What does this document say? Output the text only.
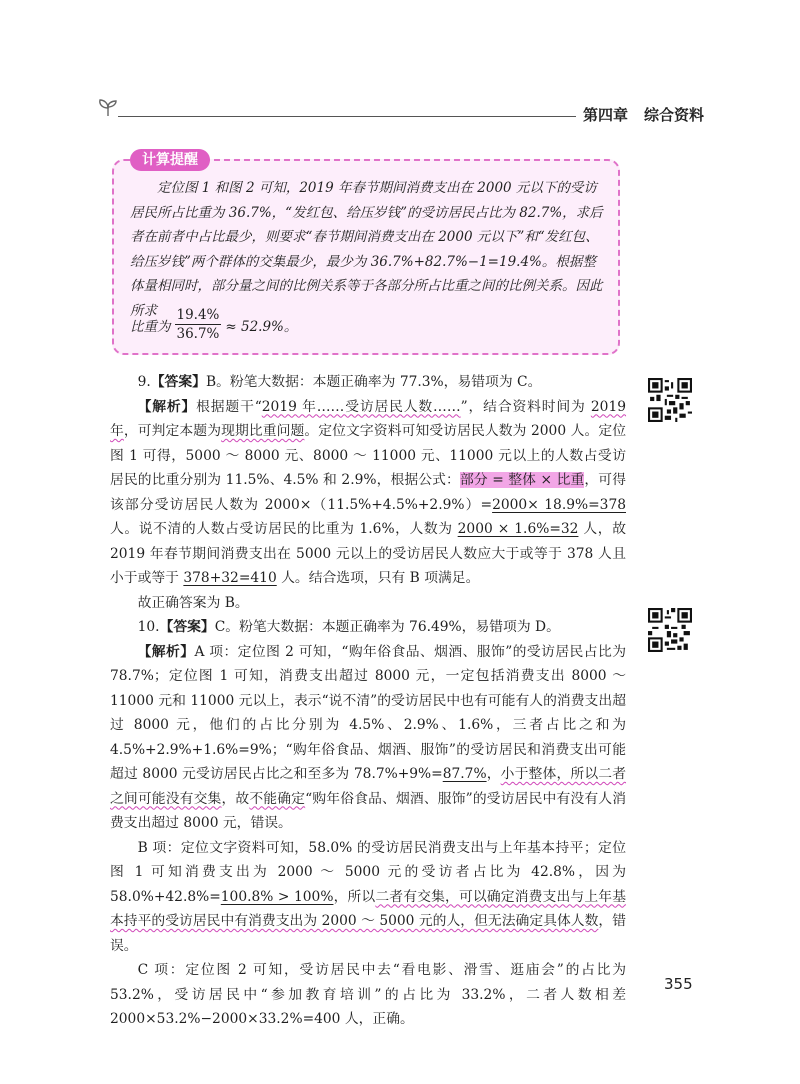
第四章 综合资料
计算提醒

定位图 1 和图 2 可知，2019 年春节期间消费支出在 2000 元以下的受访居民所占比重为 36.7%，“发红包、给压岁钱”的受访居民占比为 82.7%，求后者在前者中占比最少，则要求“春节期间消费支出在 2000 元以下”和“发红包、给压岁钱”两个群体的交集最少，最少为 36.7%+82.7%−1=19.4%。根据整体量相同时，部分量之间的比例关系等于各部分所占比重之间的比例关系。因此所求

比重为 $\frac{19.4\%}{36.7\%} \approx 52.9\%$。

9.【答案】B。粉笔大数据：本题正确率为 77.3%，易错项为 C。

【解析】根据题干“2019 年……受访居民人数……”，结合资料时间为 2019 年，可判定本题为现期比重问题。定位文字资料可知受访居民人数为 2000 人。定位图 1 可得，5000 ～ 8000 元、8000 ～ 11000 元、11000 元以上的人数占受访居民的比重分别为 11.5%、4.5% 和 2.9%，根据公式：部分 = 整体 × 比重，可得该部分受访居民人数为 2000×（11.5%+4.5%+2.9%）=2000× 18.9%=378 人。说不清的人数占受访居民的比重为 1.6%，人数为 2000 × 1.6%=32 人，故 2019 年春节期间消费支出在 5000 元以上的受访居民人数应大于或等于 378 人且小于或等于 378+32=410 人。结合选项，只有 B 项满足。

故正确答案为 B。

10.【答案】C。粉笔大数据：本题正确率为 76.49%，易错项为 D。

【解析】A 项：定位图 2 可知，“购年俗食品、烟酒、服饰”的受访居民占比为 78.7%；定位图 1 可知，消费支出超过 8000 元，一定包括消费支出 8000 ～ 11000 元和 11000 元以上，表示“说不清”的受访居民中也有可能有人的消费支出超过 8000 元，他们的占比分别为 4.5%、2.9%、1.6%，三者占比之和为 4.5%+2.9%+1.6%=9%；“购年俗食品、烟酒、服饰”的受访居民和消费支出可能超过 8000 元受访居民占比之和至多为 78.7%+9%=87.7%，小于整体，所以二者之间可能没有交集，故不能确定“购年俗食品、烟酒、服饰”的受访居民中有没有人消费支出超过 8000 元，错误。

B 项：定位文字资料可知，58.0% 的受访居民消费支出与上年基本持平；定位图 1 可知消费支出为 2000 ～ 5000 元的受访者占比为 42.8%，因为 58.0%+42.8%=100.8% > 100%，所以二者有交集，可以确定消费支出与上年基本持平的受访居民中有消费支出为 2000 ～ 5000 元的人，但无法确定具体人数，错误。

C 项：定位图 2 可知，受访居民中去“看电影、滑雪、逛庙会”的占比为 53.2%，受访居民中“参加教育培训”的占比为 33.2%，二者人数相差 2000×53.2%−2000×33.2%=400 人，正确。

355
